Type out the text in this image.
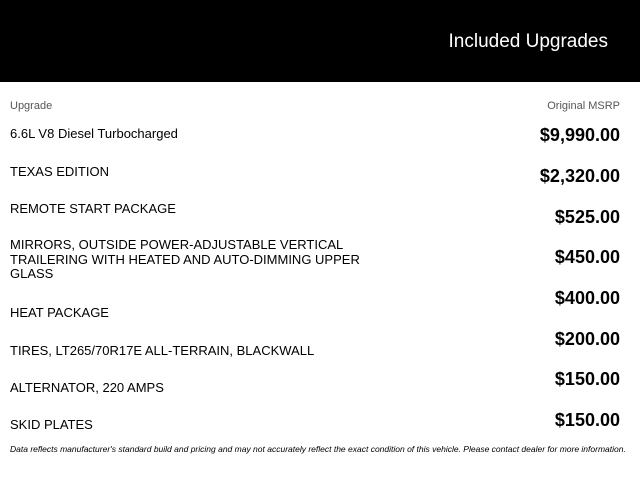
Included Upgrades
Upgrade	Original MSRP
6.6L V8 Diesel Turbocharged
TEXAS EDITION
REMOTE START PACKAGE
MIRRORS, OUTSIDE POWER-ADJUSTABLE VERTICAL TRAILERING WITH HEATED AND AUTO-DIMMING UPPER GLASS
HEAT PACKAGE
TIRES, LT265/70R17E ALL-TERRAIN, BLACKWALL
ALTERNATOR, 220 AMPS
SKID PLATES
$9,990.00
$2,320.00
$525.00
$450.00
$400.00
$200.00
$150.00
$150.00
Data reflects manufacturer's standard build and pricing and may not accurately reflect the exact condition of this vehicle. Please contact dealer for more information.
